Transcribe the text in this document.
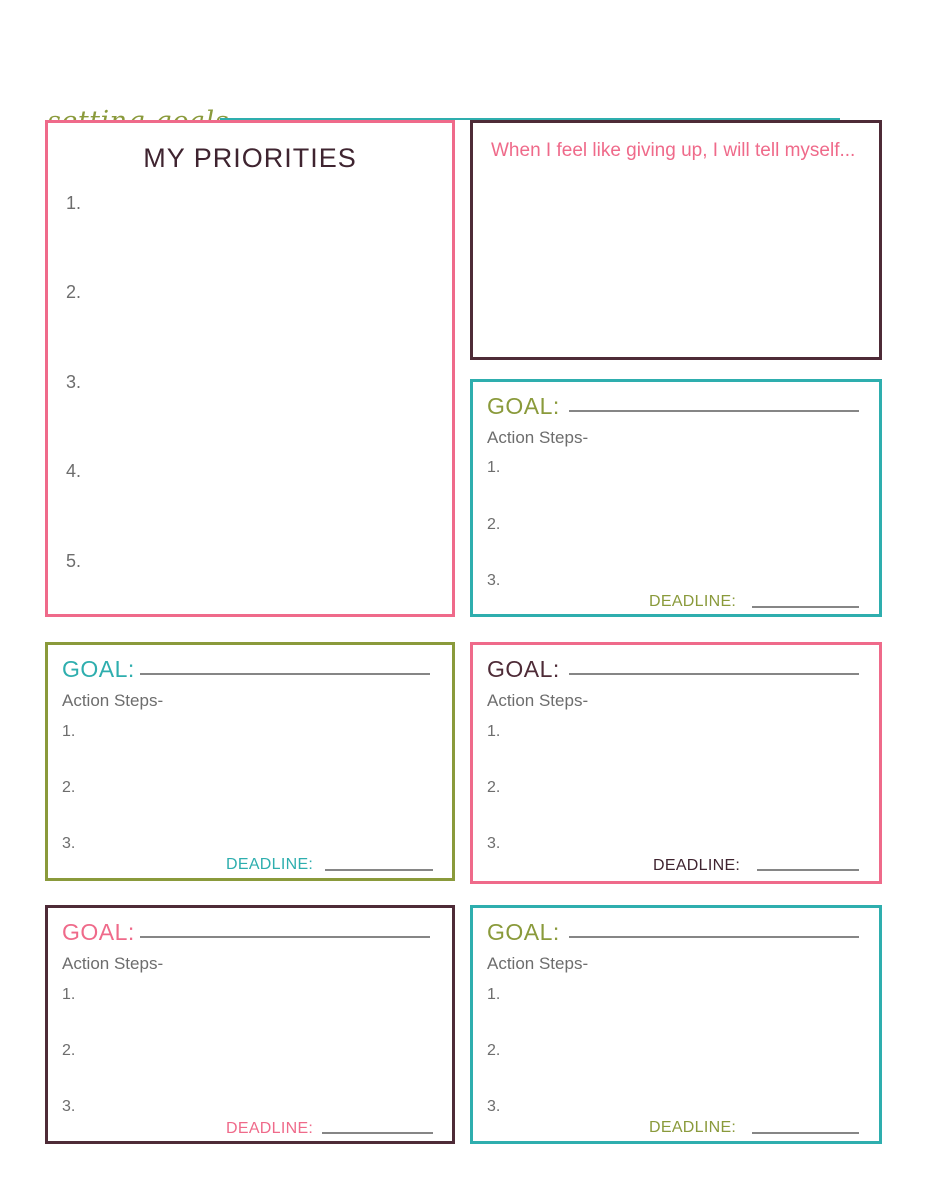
MY PRIORITIES
1.
2.
3.
4.
5.
When I feel like giving up, I will tell myself...
GOAL:
Action Steps-
1.
2.
3.
DEADLINE:
GOAL:
Action Steps-
1.
2.
3.
DEADLINE:
GOAL:
Action Steps-
1.
2.
3.
DEADLINE:
GOAL:
Action Steps-
1.
2.
3.
DEADLINE:
GOAL:
Action Steps-
1.
2.
3.
DEADLINE:
